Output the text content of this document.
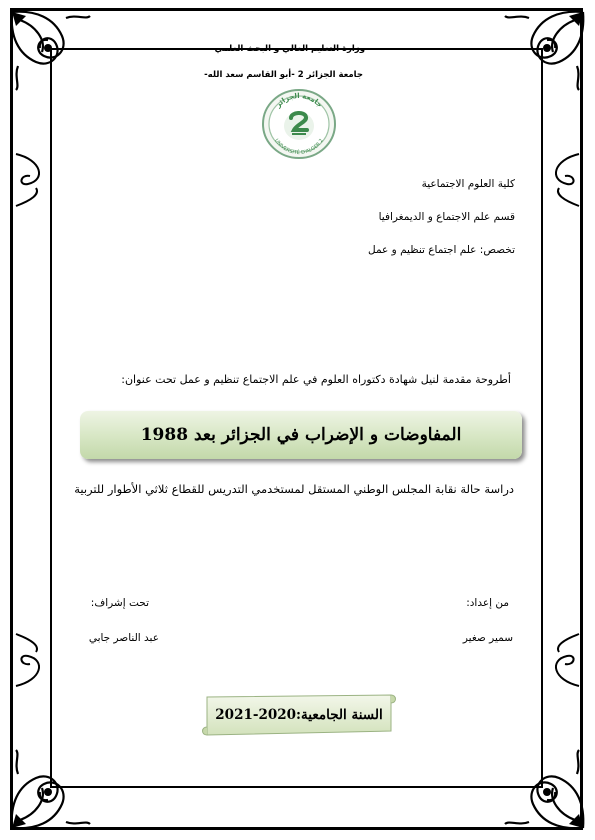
وزارة التعليم العالي و البحث العلمي
جامعة الجزائر 2 -أبو القاسم سعد الله-
جامعة الجزائر
UNIVERSITÉ D'ALGER 2
كلية العلوم الاجتماعية
قسم علم الاجتماع و الديمغرافيا
تخصص: علم اجتماع تنظيم و عمل
أطروحة مقدمة لنيل شهادة دكتوراه العلوم في علم الاجتماع تنظيم و عمل تحت عنوان:
المفاوضات و الإضراب في الجزائر بعد 1988
دراسة حالة نقابة المجلس الوطني المستقل لمستخدمي التدريس للقطاع ثلاثي الأطوار للتربية
من إعداد:
سمير صغير
تحت إشراف:
عبد الناصر جابي
السنة الجامعية:2020-2021
